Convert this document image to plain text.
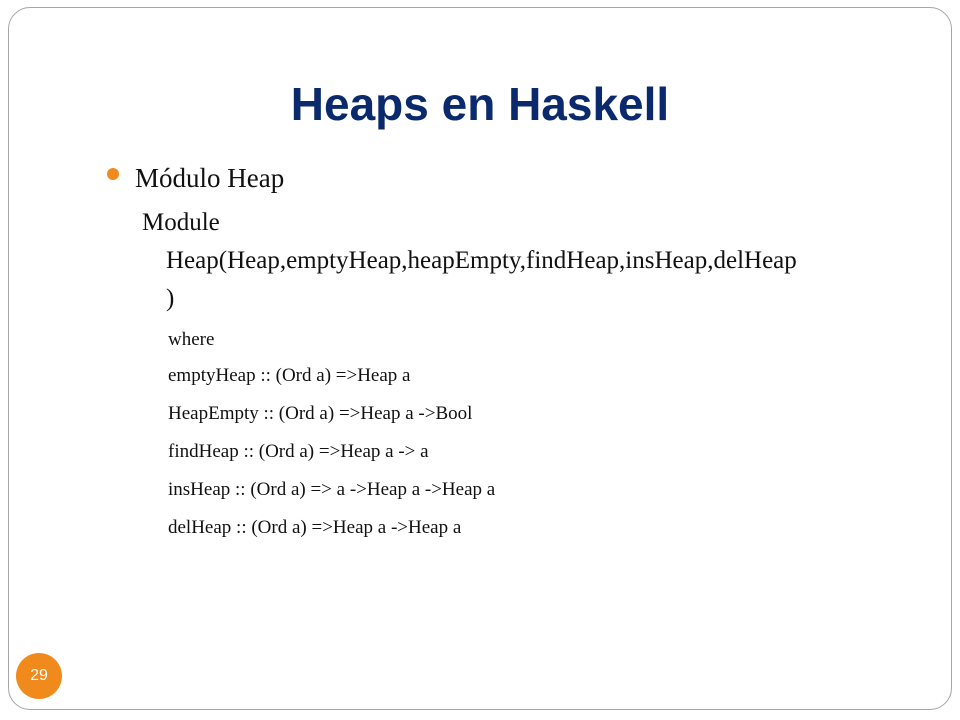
Heaps en Haskell
Módulo Heap
Module
Heap(Heap,emptyHeap,heapEmpty,findHeap,insHeap,delHeap
)
where
emptyHeap :: (Ord a) =>Heap a
HeapEmpty :: (Ord a) =>Heap a ->Bool
findHeap :: (Ord a) =>Heap a -> a
insHeap :: (Ord a) => a ->Heap a ->Heap a
delHeap :: (Ord a) =>Heap a ->Heap a
29
